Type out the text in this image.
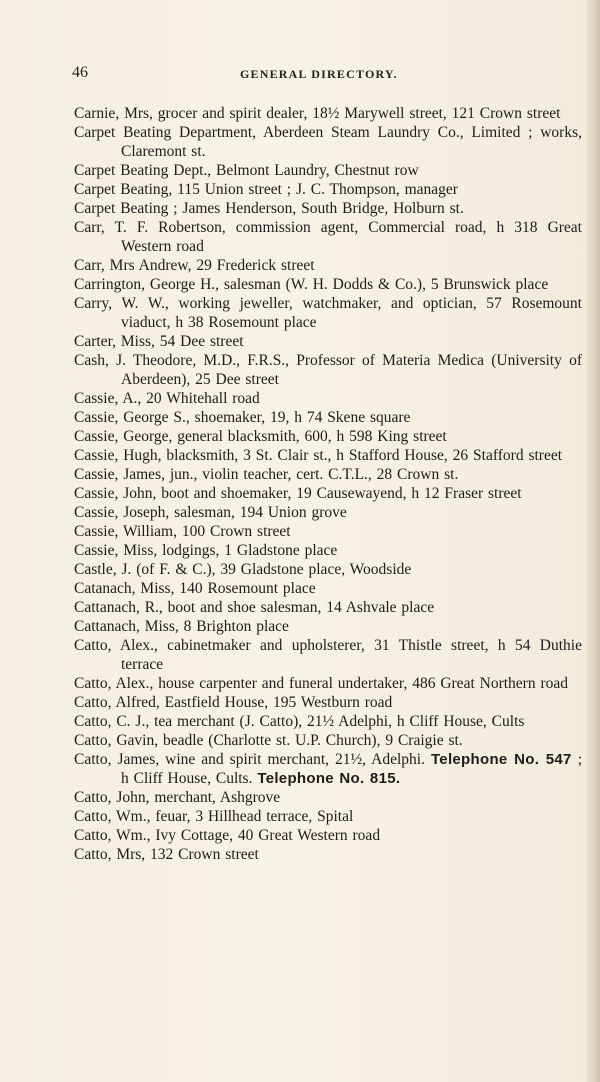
46	GENERAL DIRECTORY.

Carnie, Mrs, grocer and spirit dealer, 18½ Marywell street, 121 Crown street

Carpet Beating Department, Aberdeen Steam Laundry Co., Limited ; works, Claremont st.

Carpet Beating Dept., Belmont Laundry, Chestnut row

Carpet Beating, 115 Union street ; J. C. Thompson, manager

Carpet Beating ; James Henderson, South Bridge, Holburn st.

Carr, T. F. Robertson, commission agent, Commercial road, h 318 Great Western road

Carr, Mrs Andrew, 29 Frederick street

Carrington, George H., salesman (W. H. Dodds & Co.), 5 Brunswick place

Carry, W. W., working jeweller, watchmaker, and optician, 57 Rosemount viaduct, h 38 Rosemount place

Carter, Miss, 54 Dee street

Cash, J. Theodore, M.D., F.R.S., Professor of Materia Medica (University of Aberdeen), 25 Dee street

Cassie, A., 20 Whitehall road

Cassie, George S., shoemaker, 19, h 74 Skene square

Cassie, George, general blacksmith, 600, h 598 King street

Cassie, Hugh, blacksmith, 3 St. Clair st., h Stafford House, 26 Stafford street

Cassie, James, jun., violin teacher, cert. C.T.L., 28 Crown st.

Cassie, John, boot and shoemaker, 19 Causewayend, h 12 Fraser street

Cassie, Joseph, salesman, 194 Union grove

Cassie, William, 100 Crown street

Cassie, Miss, lodgings, 1 Gladstone place

Castle, J. (of F. & C.), 39 Gladstone place, Woodside

Catanach, Miss, 140 Rosemount place

Cattanach, R., boot and shoe salesman, 14 Ashvale place

Cattanach, Miss, 8 Brighton place

Catto, Alex., cabinetmaker and upholsterer, 31 Thistle street, h 54 Duthie terrace

Catto, Alex., house carpenter and funeral undertaker, 486 Great Northern road

Catto, Alfred, Eastfield House, 195 Westburn road

Catto, C. J., tea merchant (J. Catto), 21½ Adelphi, h Cliff House, Cults

Catto, Gavin, beadle (Charlotte st. U.P. Church), 9 Craigie st.

Catto, James, wine and spirit merchant, 21½, Adelphi. Telephone No. 547 ; h Cliff House, Cults. Telephone No. 815.

Catto, John, merchant, Ashgrove

Catto, Wm., feuar, 3 Hillhead terrace, Spital

Catto, Wm., Ivy Cottage, 40 Great Western road

Catto, Mrs, 132 Crown street
